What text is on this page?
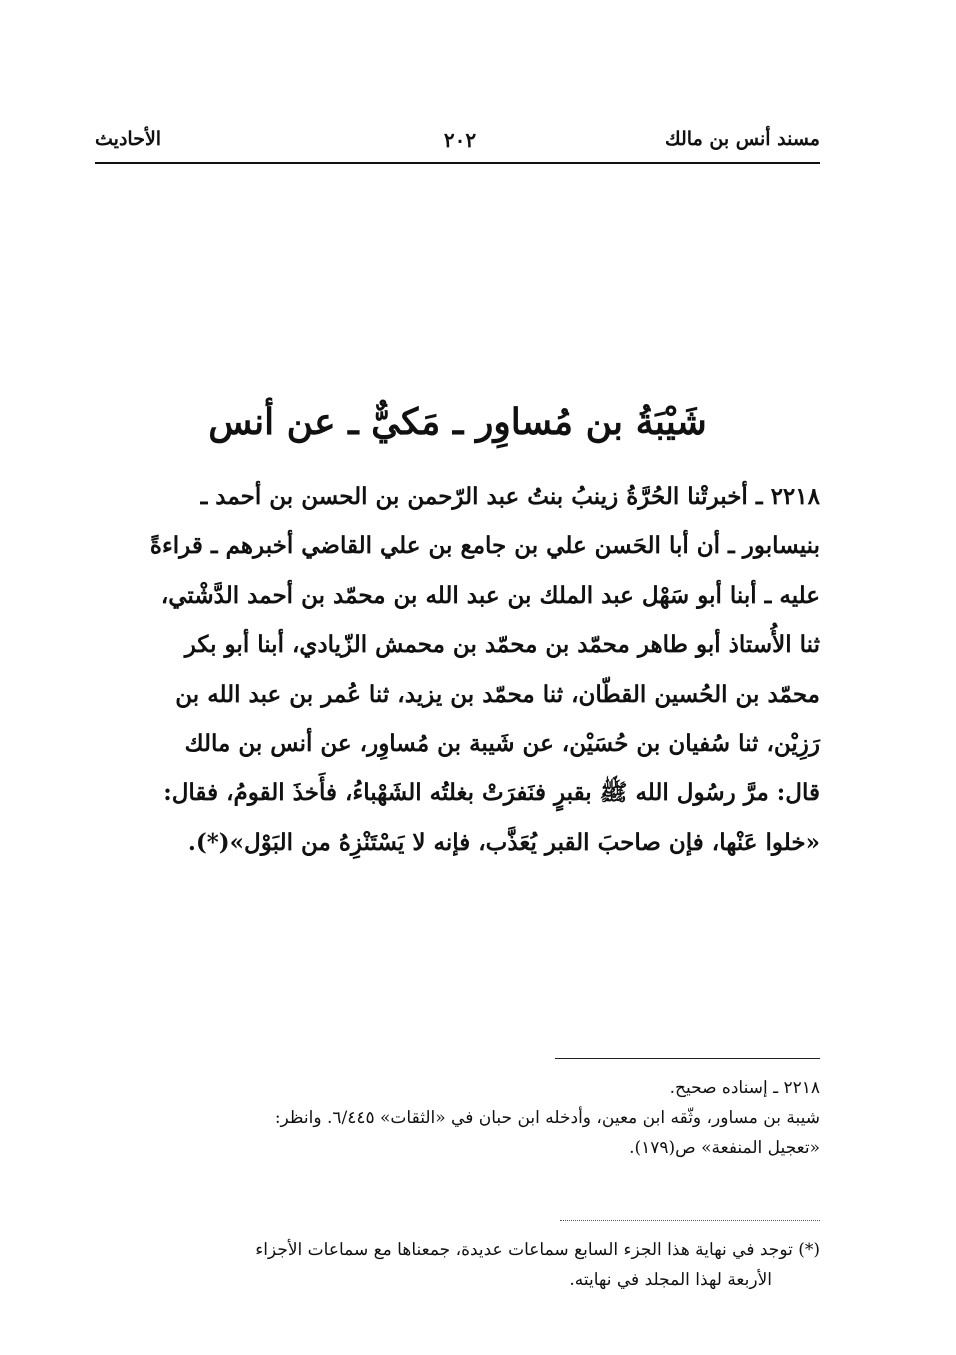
مسند أنس بن مالك
٢٠٢
الأحاديث
شَيْبَةُ بن مُساوِر ـ مَكيٌّ ـ عن أنس
٢٢١٨ ـ أخبرتْنا الحُرَّةُ زينبُ بنتُ عبد الرّحمن بن الحسن بن أحمد ـ
بنيسابور ـ أن أبا الحَسن علي بن جامع بن علي القاضي أخبرهم ـ قراءةً
عليه ـ أبنا أبو سَهْل عبد الملك بن عبد الله بن محمّد بن أحمد الدَّشْتي،
ثنا الأُستاذ أبو طاهر محمّد بن محمّد بن محمش الزّيادي، أبنا أبو بكر
محمّد بن الحُسين القطّان، ثنا محمّد بن يزيد، ثنا عُمر بن عبد الله بن
رَزِيْن، ثنا سُفيان بن حُسَيْن، عن شَيبة بن مُساوِر، عن أنس بن مالك
قال: مرَّ رسُول الله ﷺ بقبرٍ فنَفرَتْ بغلتُه الشَهْباءُ، فأَخذَ القومُ، فقال:
«خلوا عَنْها، فإن صاحبَ القبر يُعَذَّب، فإنه لا يَسْتَنْزِهُ من البَوْل»(*).
٢٢١٨ ـ إسناده صحيح.
شيبة بن مساور، وثّقه ابن معين، وأدخله ابن حبان في «الثقات» ٦/٤٤٥. وانظر:
«تعجيل المنفعة» ص(١٧٩).
(*) توجد في نهاية هذا الجزء السابع سماعات عديدة، جمعناها مع سماعات الأجزاء
الأربعة لهذا المجلد في نهايته.
